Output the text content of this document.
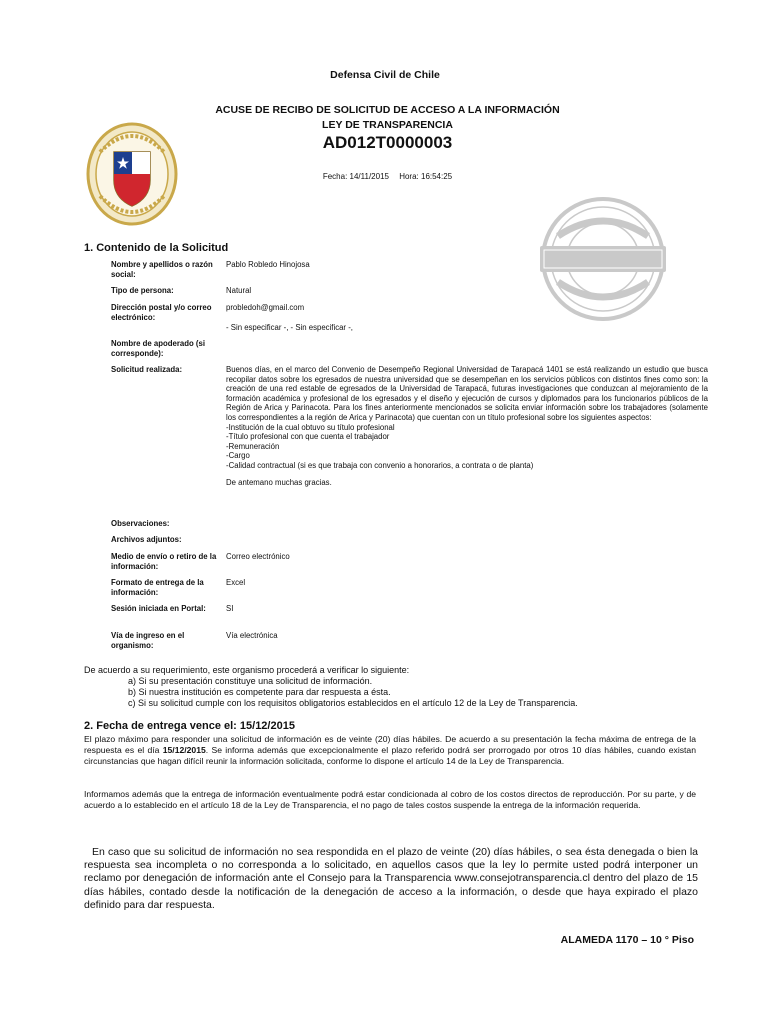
Defensa Civil de Chile
ACUSE DE RECIBO DE SOLICITUD DE ACCESO A LA INFORMACIÓN
LEY DE TRANSPARENCIA
AD012T0000003
Fecha: 14/11/2015 Hora: 16:54:25
1. Contenido de la Solicitud
Nombre y apellidos o razón social:
Pablo Robledo Hinojosa
Tipo de persona:	Natural
Dirección postal y/o correo electrónico:
probledoh@gmail.com
- Sin especificar -, - Sin especificar -,
Nombre de apoderado (si corresponde):
Solicitud realizada:	Buenos días, en el marco del Convenio de Desempeño Regional Universidad de Tarapacá 1401 se está realizando un estudio que busca recopilar datos sobre los egresados de nuestra universidad que se desempeñan en los servicios públicos con distintos fines como son: la creación de una red estable de egresados de la Universidad de Tarapacá, futuras investigaciones que conduzcan al mejoramiento de la formación académica y profesional de los egresados y el diseño y ejecución de cursos y diplomados para los funcionarios públicos de la Región de Arica y Parinacota. Para los fines anteriormente mencionados se solicita enviar información sobre los trabajadores (solamente los correspondientes a la región de Arica y Parinacota) que cuentan con un título profesional sobre los siguientes aspectos:
-Institución de la cual obtuvo su título profesional
-Título profesional con que cuenta el trabajador
-Remuneración
-Cargo
-Calidad contractual (si es que trabaja con convenio a honorarios, a contrata o de planta)
De antemano muchas gracias.
Observaciones:
Archivos adjuntos:
Medio de envío o retiro de la información:
Correo electrónico
Formato de entrega de la información:
Excel
Sesión iniciada en Portal:	SI
Vía de ingreso en el organismo:
Vía electrónica
De acuerdo a su requerimiento, este organismo procederá a verificar lo siguiente:
a) Si su presentación constituye una solicitud de información.
b) Si nuestra institución es competente para dar respuesta a ésta.
c) Si su solicitud cumple con los requisitos obligatorios establecidos en el artículo 12 de la Ley de Transparencia.
2. Fecha de entrega vence el: 15/12/2015
El plazo máximo para responder una solicitud de información es de veinte (20) días hábiles. De acuerdo a su presentación la fecha máxima de entrega de la respuesta es el día 15/12/2015. Se informa además que excepcionalmente el plazo referido podrá ser prorrogado por otros 10 días hábiles, cuando existan circunstancias que hagan difícil reunir la información solicitada, conforme lo dispone el artículo 14 de la Ley de Transparencia.
Informamos además que la entrega de información eventualmente podrá estar condicionada al cobro de los costos directos de reproducción. Por su parte, y de acuerdo a lo establecido en el artículo 18 de la Ley de Transparencia, el no pago de tales costos suspende la entrega de la información requerida.
En caso que su solicitud de información no sea respondida en el plazo de veinte (20) días hábiles, o sea ésta denegada o bien la respuesta sea incompleta o no corresponda a lo solicitado, en aquellos casos que la ley lo permite usted podrá interponer un reclamo por denegación de información ante el Consejo para la Transparencia www.consejotransparencia.cl dentro del plazo de 15 días hábiles, contado desde la notificación de la denegación de acceso a la información, o desde que haya expirado el plazo definido para dar respuesta.
ALAMEDA 1170 – 10 ° Piso
